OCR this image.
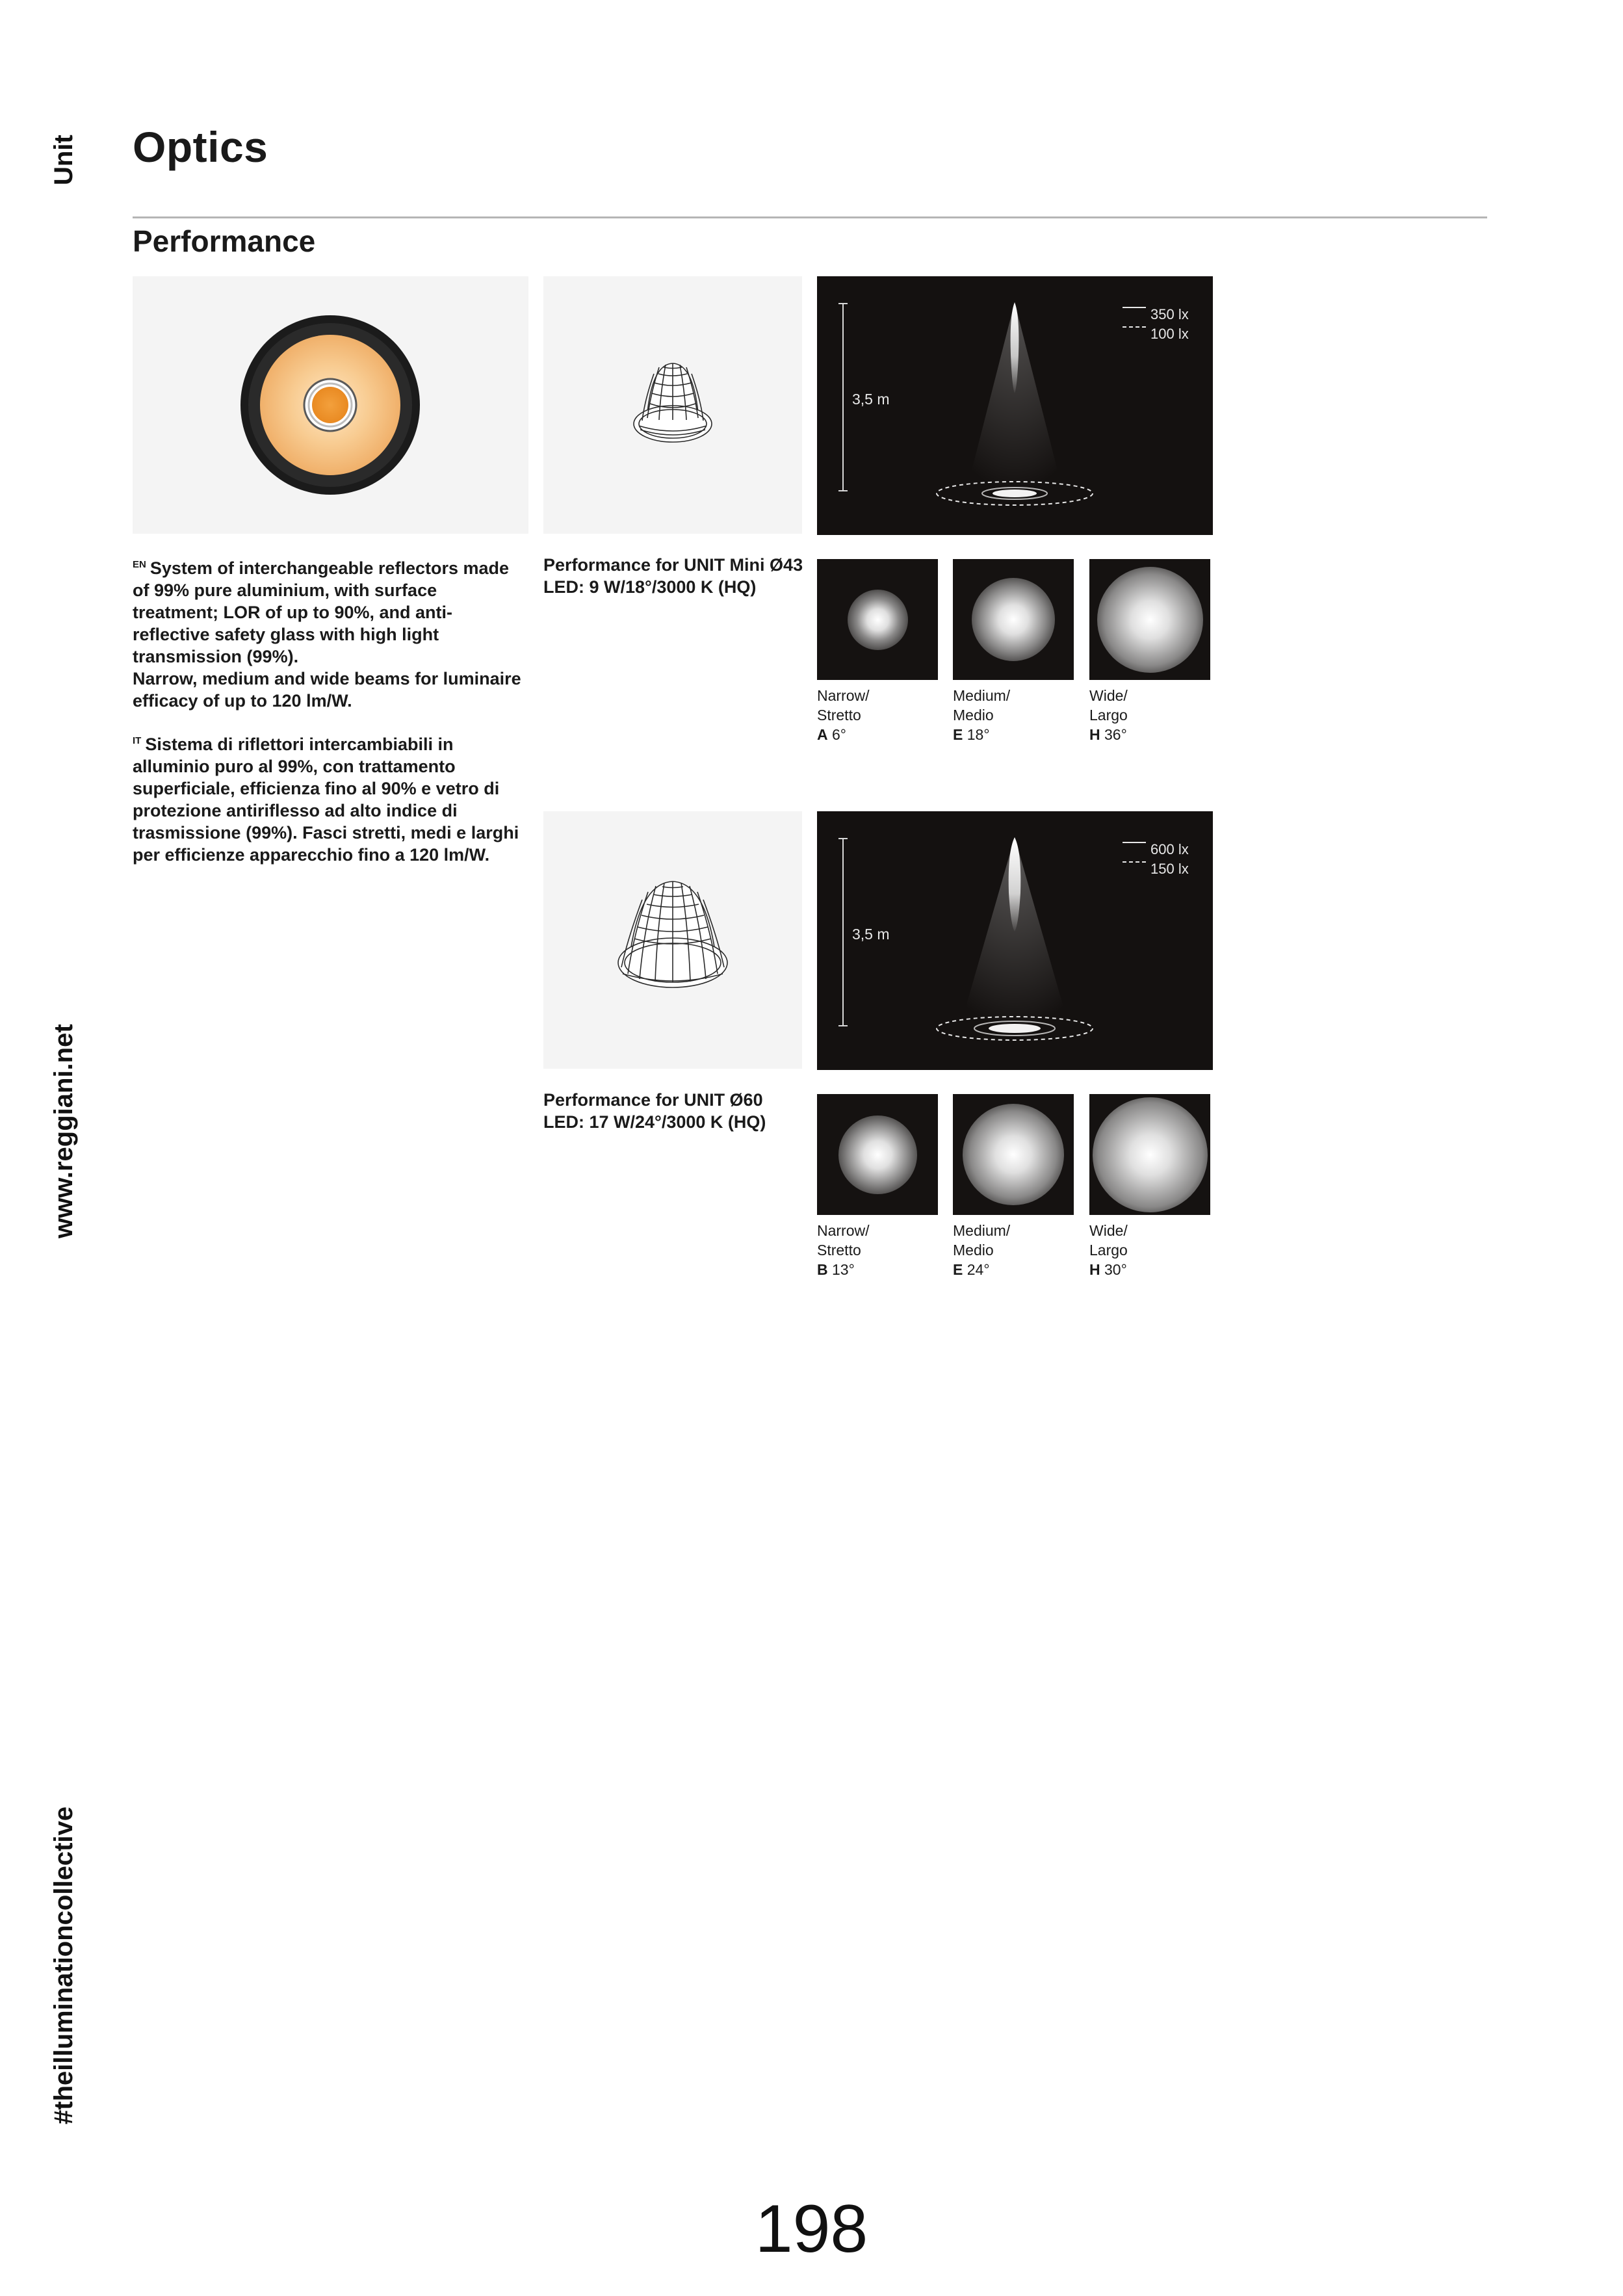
Unit
www.reggiani.net
#theilluminationcollective
Optics
Performance
350 lx
100 lx
3,5 m
600 lx
150 lx
3,5 m
$^{EN}$ System of interchangeable reflectors made of 99% pure aluminium, with surface treatment; LOR of up to 90%, and anti-reflective safety glass with high light transmission (99%).
Narrow, medium and wide beams for luminaire efficacy of up to 120 lm/W.
$^{IT}$ Sistema di riflettori intercambiabili in alluminio puro al 99%, con trattamento superficiale, efficienza fino al 90% e vetro di protezione antiriflesso ad alto indice di trasmissione (99%). Fasci stretti, medi e larghi per efficienze apparecchio fino a 120 lm/W.
Performance for UNIT Mini Ø43
LED: 9 W/18°/3000 K (HQ)
Performance for UNIT Ø60
LED: 17 W/24°/3000 K (HQ)
Narrow/
Stretto
A 6°
Medium/
Medio
E 18°
Wide/
Largo
H 36°
Narrow/
Stretto
B 13°
Medium/
Medio
E 24°
Wide/
Largo
H 30°
198
